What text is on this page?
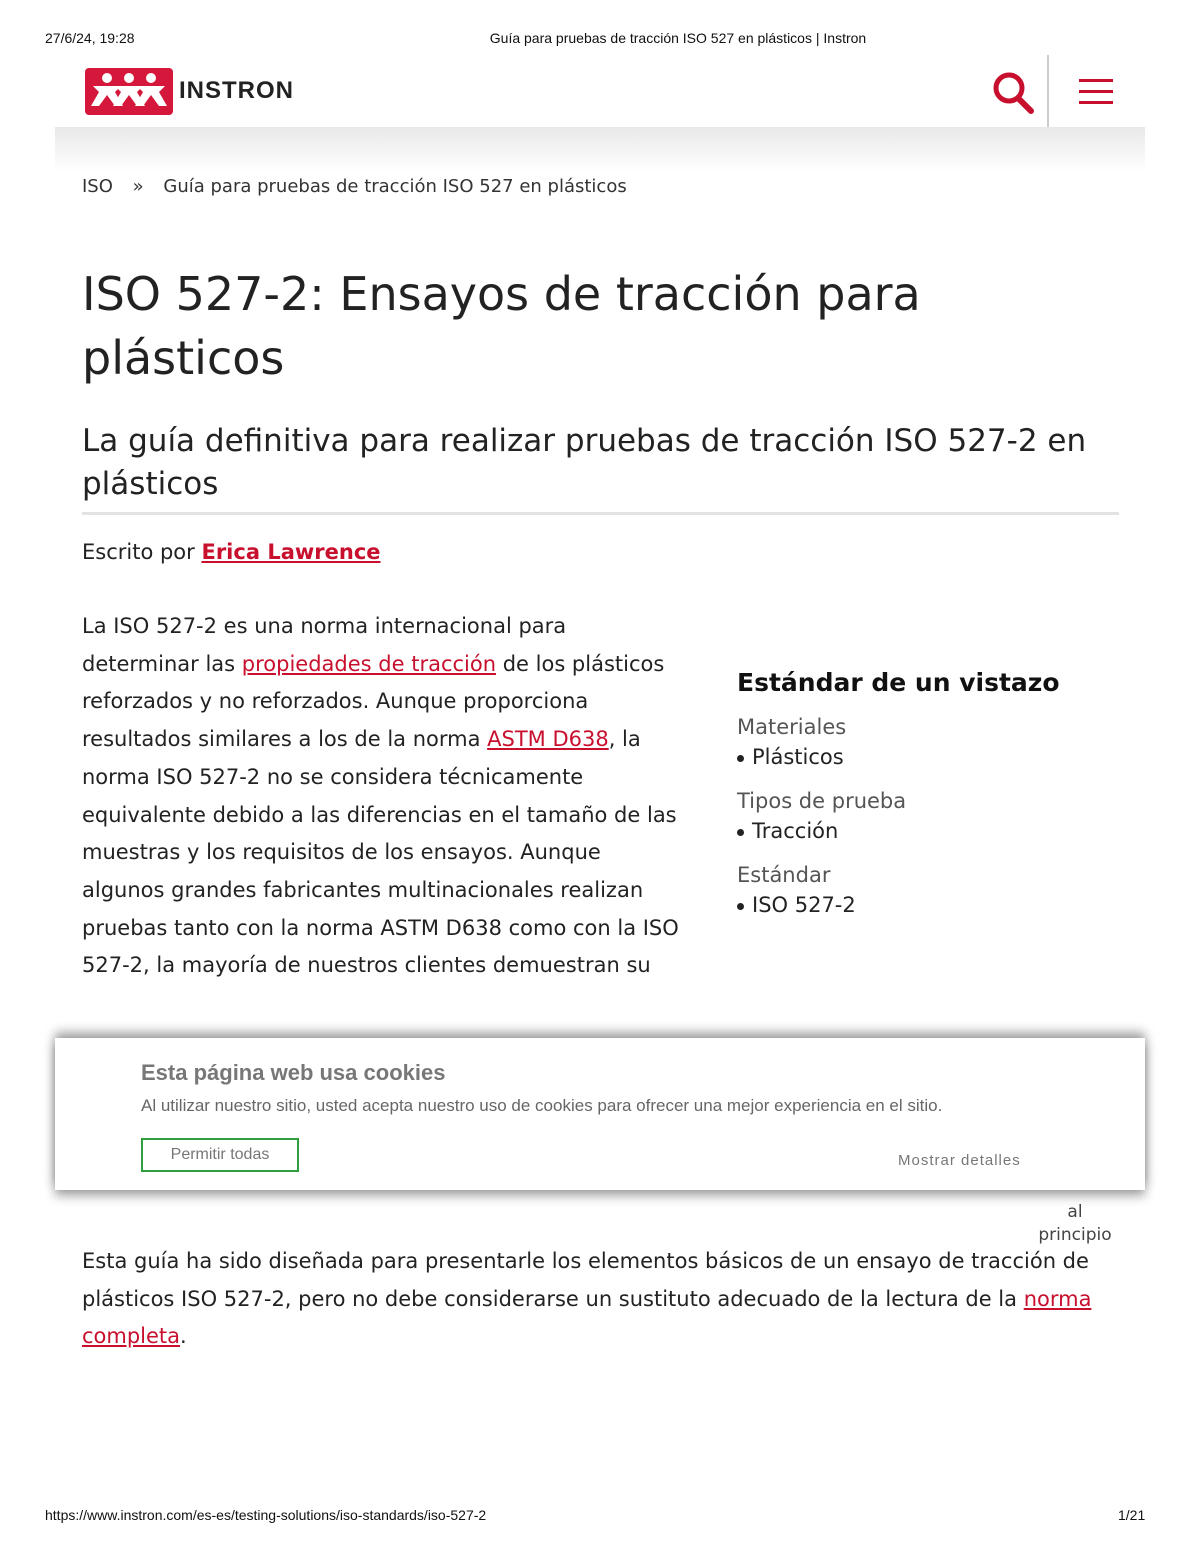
27/6/24, 19:28	Guía para pruebas de tracción ISO 527 en plásticos | Instron
INSTRON
ISO » Guía para pruebas de tracción ISO 527 en plásticos
ISO 527-2: Ensayos de tracción para plásticos
La guía definitiva para realizar pruebas de tracción ISO 527-2 en plásticos
Escrito por Erica Lawrence

La ISO 527-2 es una norma internacional para determinar las propiedades de tracción de los plásticos reforzados y no reforzados. Aunque proporciona resultados similares a los de la norma ASTM D638, la norma ISO 527-2 no se considera técnicamente equivalente debido a las diferencias en el tamaño de las muestras y los requisitos de los ensayos. Aunque algunos grandes fabricantes multinacionales realizan pruebas tanto con la norma ASTM D638 como con la ISO 527-2, la mayoría de nuestros clientes demuestran su

Estándar de un vistazo

Materiales

Plásticos

Tipos de prueba

Tracción

Estándar

ISO 527-2

al
principio
Esta página web usa cookies
Al utilizar nuestro sitio, usted acepta nuestro uso de cookies para ofrecer una mejor experiencia en el sitio.
Permitir todas	Mostrar detalles

Esta guía ha sido diseñada para presentarle los elementos básicos de un ensayo de tracción de plásticos ISO 527-2, pero no debe considerarse un sustituto adecuado de la lectura de la norma completa.

https://www.instron.com/es-es/testing-solutions/iso-standards/iso-527-2	1/21
